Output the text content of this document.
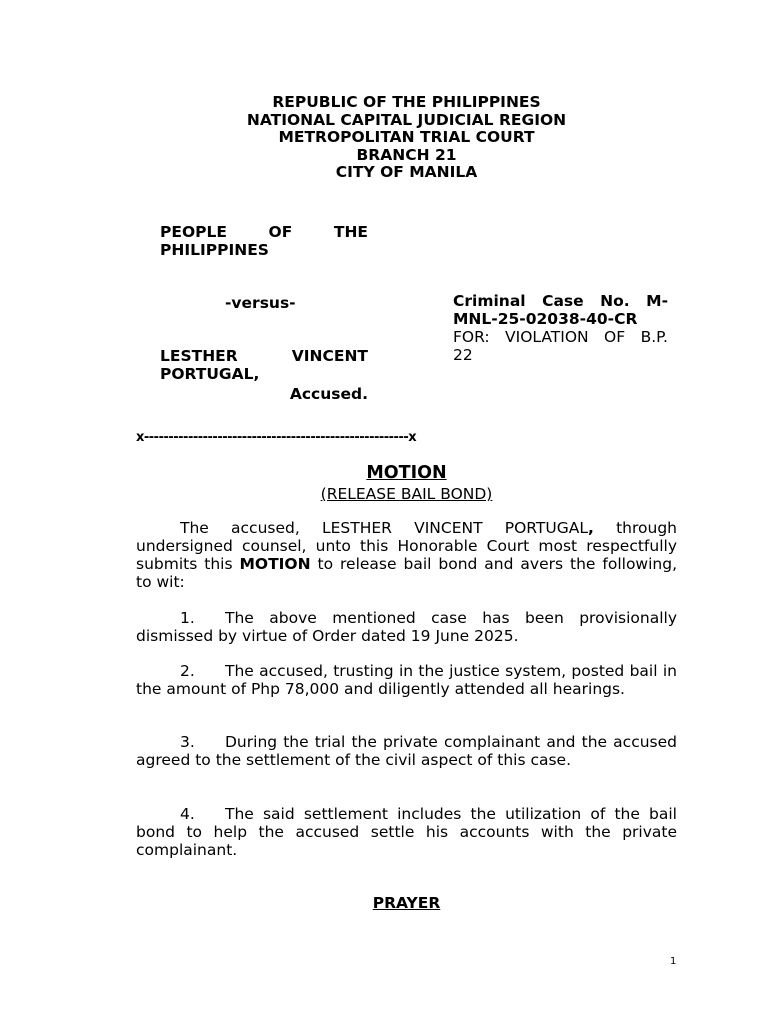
REPUBLIC OF THE PHILIPPINES
NATIONAL CAPITAL JUDICIAL REGION
METROPOLITAN TRIAL COURT
BRANCH 21
CITY OF MANILA
PEOPLE OF THE
PHILIPPINES
-versus-
LESTHER VINCENT
PORTUGAL,
Accused.
Criminal Case No. M-
MNL-25-02038-40-CR
FOR: VIOLATION OF B.P.
22
x------------------------------------------------------x
MOTION
(RELEASE BAIL BOND)
The accused, LESTHER VINCENT PORTUGAL, through undersigned counsel, unto this Honorable Court most respectfully submits this MOTION to release bail bond and avers the following, to wit:
1. The above mentioned case has been provisionally dismissed by virtue of Order dated 19 June 2025.
2. The accused, trusting in the justice system, posted bail in the amount of Php 78,000 and diligently attended all hearings.
3. During the trial the private complainant and the accused agreed to the settlement of the civil aspect of this case.
4. The said settlement includes the utilization of the bail bond to help the accused settle his accounts with the private complainant.
PRAYER
1
